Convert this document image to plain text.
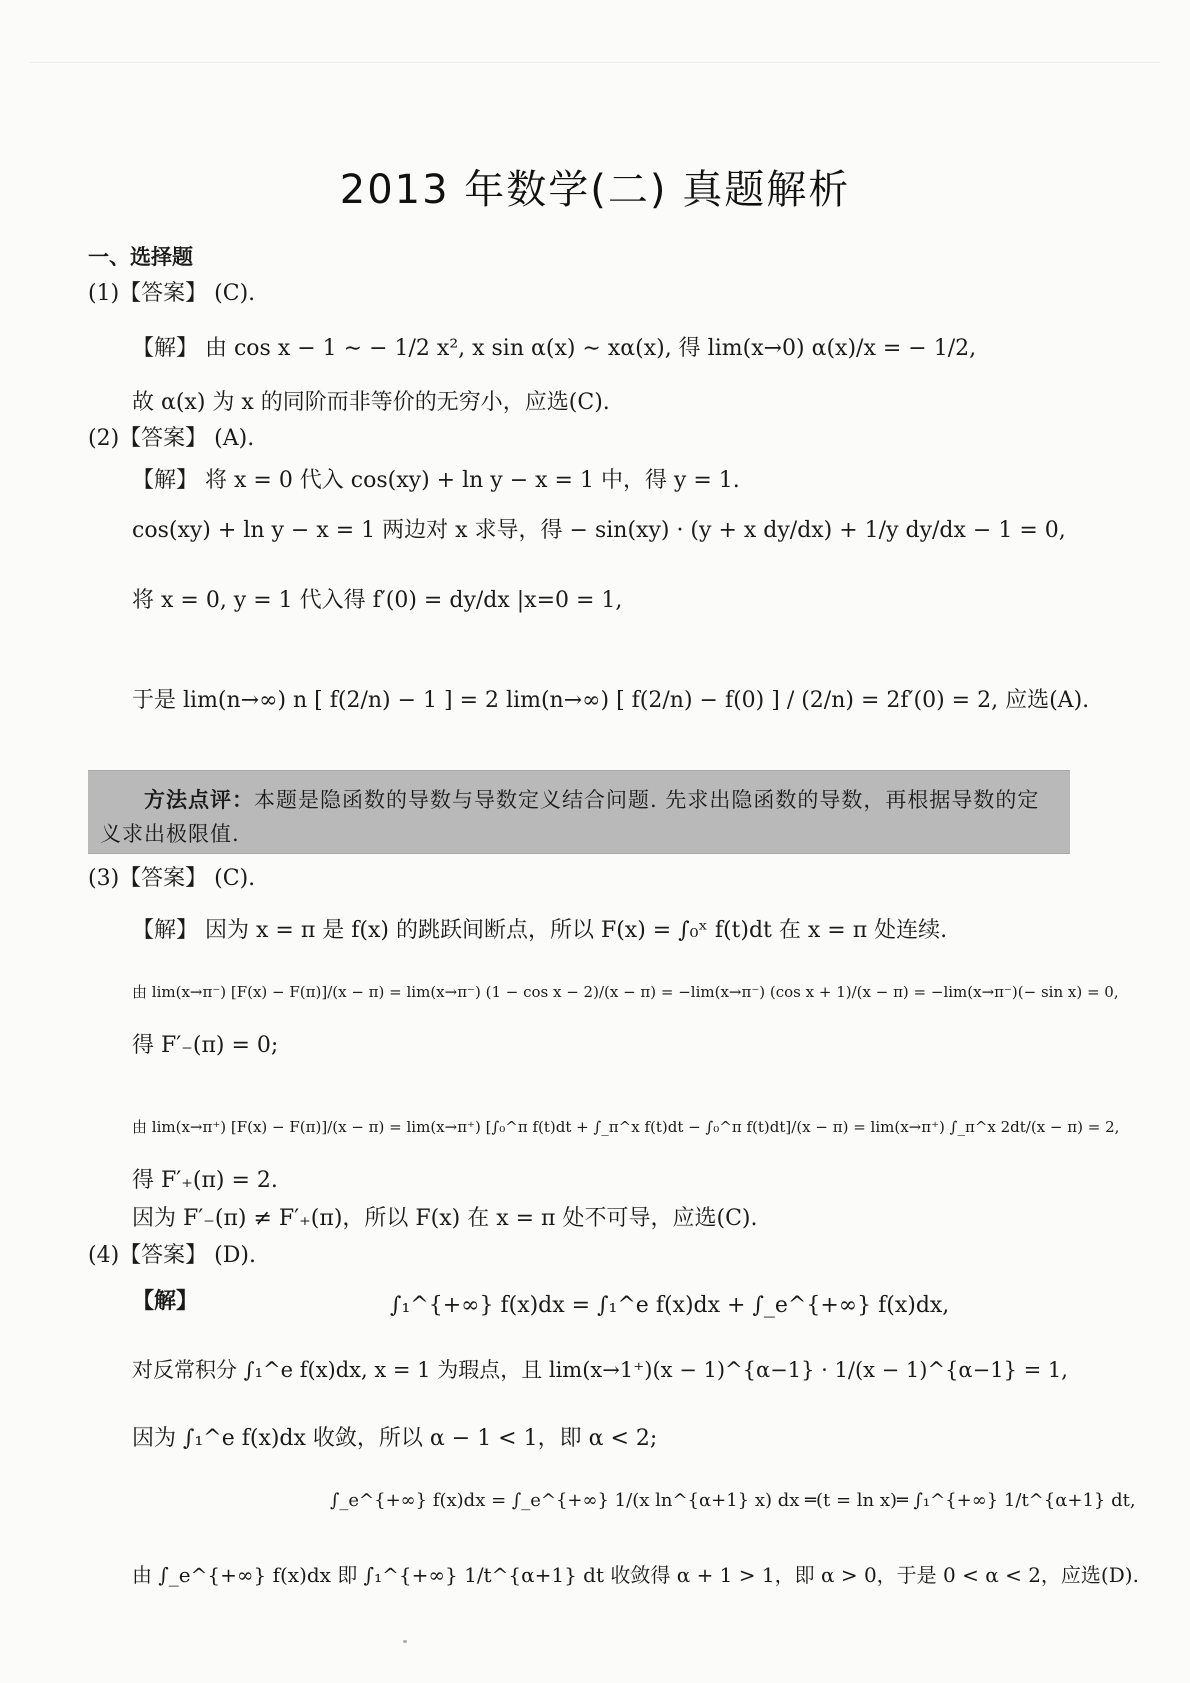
2013 年数学(二) 真题解析
一、选择题
(1)【答案】 (C).
【解】 由 cos x − 1 ∼ − 1/2 x², x sin α(x) ∼ xα(x), 得 lim(x→0) α(x)/x = − 1/2,
故 α(x) 为 x 的同阶而非等价的无穷小，应选(C).
(2)【答案】 (A).
【解】 将 x = 0 代入 cos(xy) + ln y − x = 1 中，得 y = 1.
cos(xy) + ln y − x = 1 两边对 x 求导，得 − sin(xy) · (y + x dy/dx) + 1/y dy/dx − 1 = 0,
将 x = 0, y = 1 代入得 f′(0) = dy/dx |x=0 = 1,
于是 lim(n→∞) n [ f(2/n) − 1 ] = 2 lim(n→∞) [ f(2/n) − f(0) ] / (2/n) = 2f′(0) = 2, 应选(A).
方法点评：本题是隐函数的导数与导数定义结合问题. 先求出隐函数的导数，再根据导数的定义求出极限值.
(3)【答案】 (C).
【解】 因为 x = π 是 f(x) 的跳跃间断点，所以 F(x) = ∫₀ˣ f(t)dt 在 x = π 处连续.
由 lim(x→π⁻) [F(x) − F(π)]/(x − π) = lim(x→π⁻) (1 − cos x − 2)/(x − π) = −lim(x→π⁻) (cos x + 1)/(x − π) = −lim(x→π⁻)(− sin x) = 0,
得 F′₋(π) = 0;
由 lim(x→π⁺) [F(x) − F(π)]/(x − π) = lim(x→π⁺) [∫₀^π f(t)dt + ∫_π^x f(t)dt − ∫₀^π f(t)dt]/(x − π) = lim(x→π⁺) ∫_π^x 2dt/(x − π) = 2,
得 F′₊(π) = 2.
因为 F′₋(π) ≠ F′₊(π)，所以 F(x) 在 x = π 处不可导，应选(C).
(4)【答案】 (D).
【解】	∫₁^{+∞} f(x)dx = ∫₁^e f(x)dx + ∫_e^{+∞} f(x)dx,
对反常积分 ∫₁^e f(x)dx, x = 1 为瑕点，且 lim(x→1⁺)(x − 1)^{α−1} · 1/(x − 1)^{α−1} = 1,
因为 ∫₁^e f(x)dx 收敛，所以 α − 1 < 1，即 α < 2;
∫_e^{+∞} f(x)dx = ∫_e^{+∞} 1/(x ln^{α+1} x) dx ═(t = ln x)═ ∫₁^{+∞} 1/t^{α+1} dt,
由 ∫_e^{+∞} f(x)dx 即 ∫₁^{+∞} 1/t^{α+1} dt 收敛得 α + 1 > 1，即 α > 0，于是 0 < α < 2，应选(D).
